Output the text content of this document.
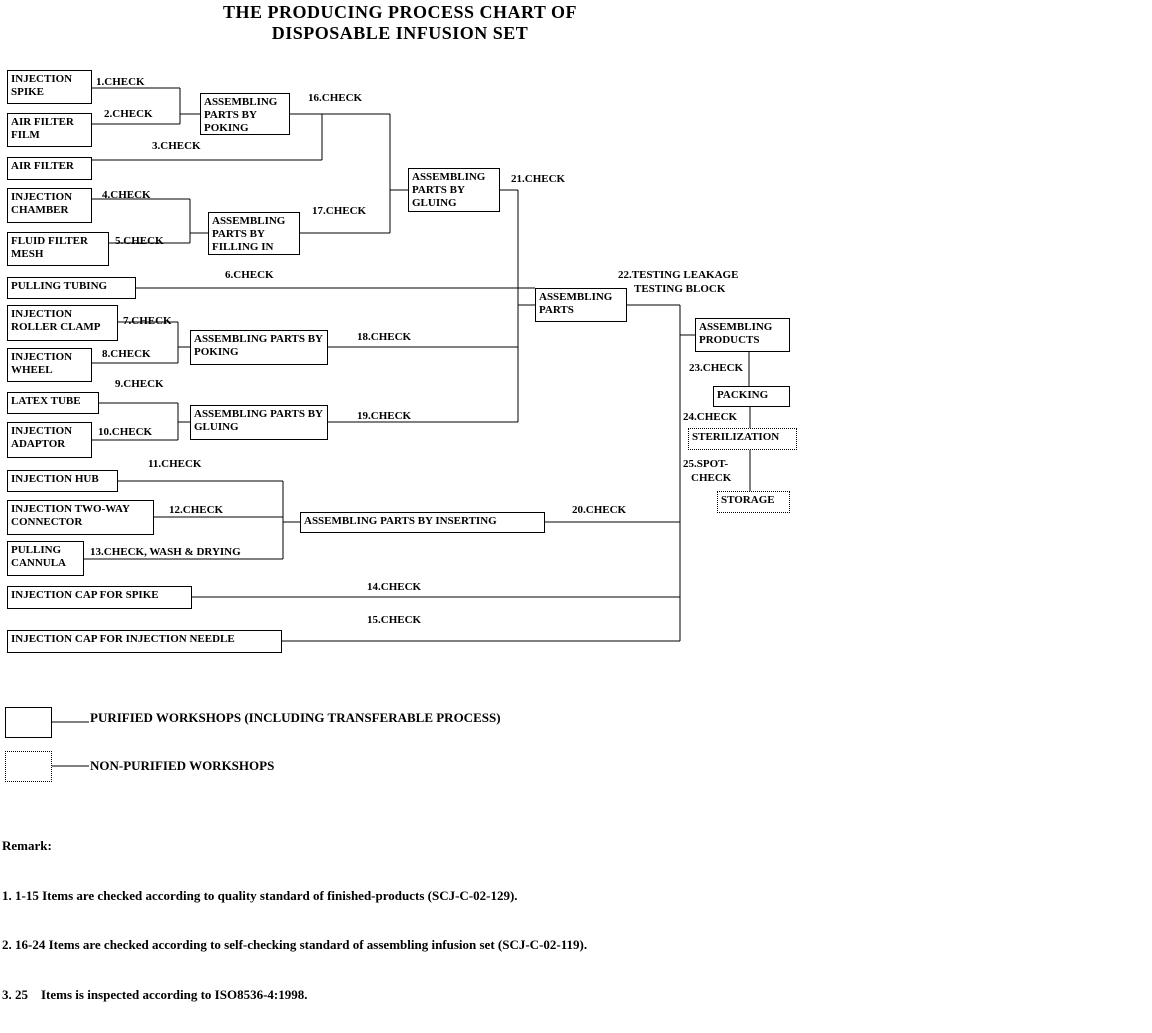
THE PRODUCING PROCESS CHART OF
DISPOSABLE INFUSION SET
INJECTION SPIKE
AIR FILTER FILM
AIR FILTER
INJECTION CHAMBER
FLUID FILTER MESH
PULLING TUBING
INJECTION ROLLER CLAMP
INJECTION WHEEL
LATEX TUBE
INJECTION ADAPTOR
INJECTION HUB
INJECTION TWO-WAY CONNECTOR
PULLING CANNULA
INJECTION CAP FOR SPIKE
INJECTION CAP FOR INJECTION NEEDLE
ASSEMBLING PARTS BY POKING
ASSEMBLING PARTS BY FILLING IN
ASSEMBLING PARTS BY GLUING
ASSEMBLING PARTS BY POKING
ASSEMBLING PARTS BY GLUING
ASSEMBLING PARTS BY INSERTING
ASSEMBLING PARTS
ASSEMBLING PRODUCTS
PACKING
STERILIZATION
STORAGE
1.CHECK
2.CHECK
3.CHECK
4.CHECK
5.CHECK
6.CHECK
7.CHECK
8.CHECK
9.CHECK
10.CHECK
11.CHECK
12.CHECK
13.CHECK, WASH & DRYING
14.CHECK
15.CHECK
16.CHECK
17.CHECK
18.CHECK
19.CHECK
20.CHECK
21.CHECK
22.TESTING LEAKAGE
TESTING BLOCK
23.CHECK
24.CHECK
25.SPOT-
CHECK
PURIFIED WORKSHOPS (INCLUDING TRANSFERABLE PROCESS)
NON-PURIFIED WORKSHOPS

Remark:

1. 1-15 Items are checked according to quality standard of finished-products (SCJ-C-02-129).

2. 16-24 Items are checked according to self-checking standard of assembling infusion set (SCJ-C-02-119).

3. 25    Items is inspected according to ISO8536-4:1998.
